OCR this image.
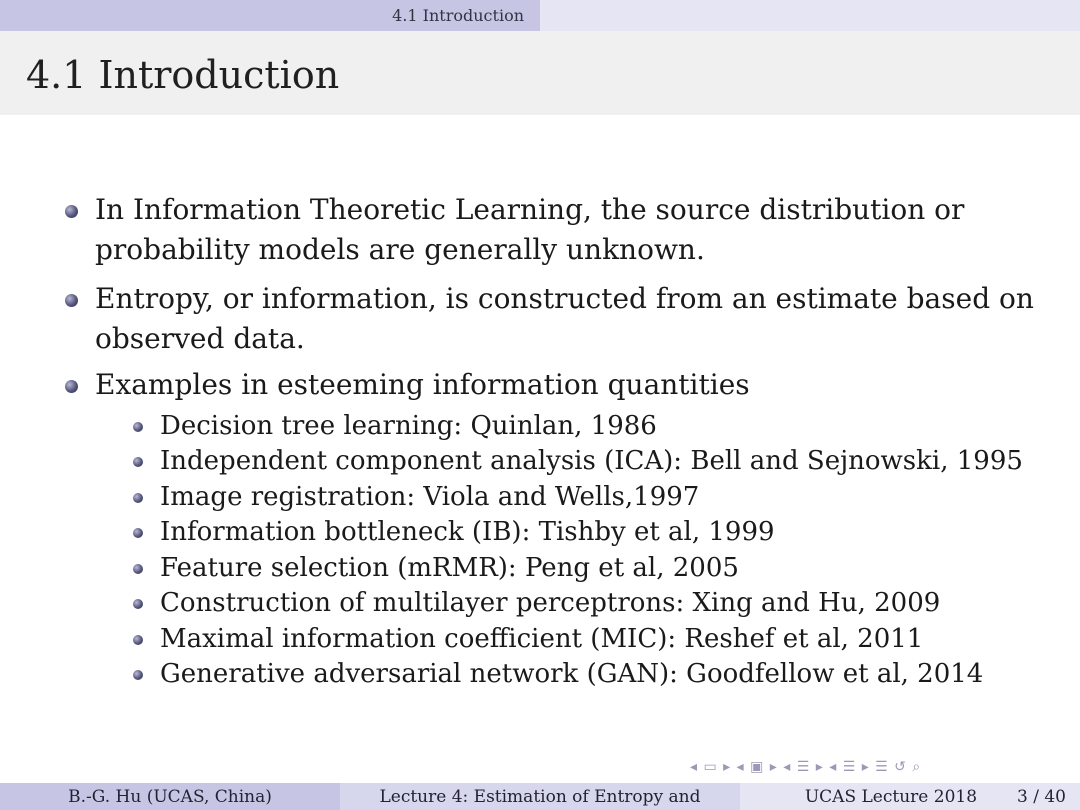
4.1 Introduction
4.1 Introduction
In Information Theoretic Learning, the source distribution or
probability models are generally unknown.
Entropy, or information, is constructed from an estimate based on
observed data.
Examples in esteeming information quantities
Decision tree learning: Quinlan, 1986
Independent component analysis (ICA): Bell and Sejnowski, 1995
Image registration: Viola and Wells,1997
Information bottleneck (IB): Tishby et al, 1999
Feature selection (mRMR): Peng et al, 2005
Construction of multilayer perceptrons: Xing and Hu, 2009
Maximal information coefficient (MIC): Reshef et al, 2011
Generative adversarial network (GAN): Goodfellow et al, 2014
◂ ▭ ▸ ◂ ▣ ▸ ◂ ☰ ▸ ◂ ☰ ▸ ☰ ↺ ⌕
B.-G. Hu (UCAS, China)	Lecture 4: Estimation of Entropy and	UCAS Lecture 2018 3 / 40
